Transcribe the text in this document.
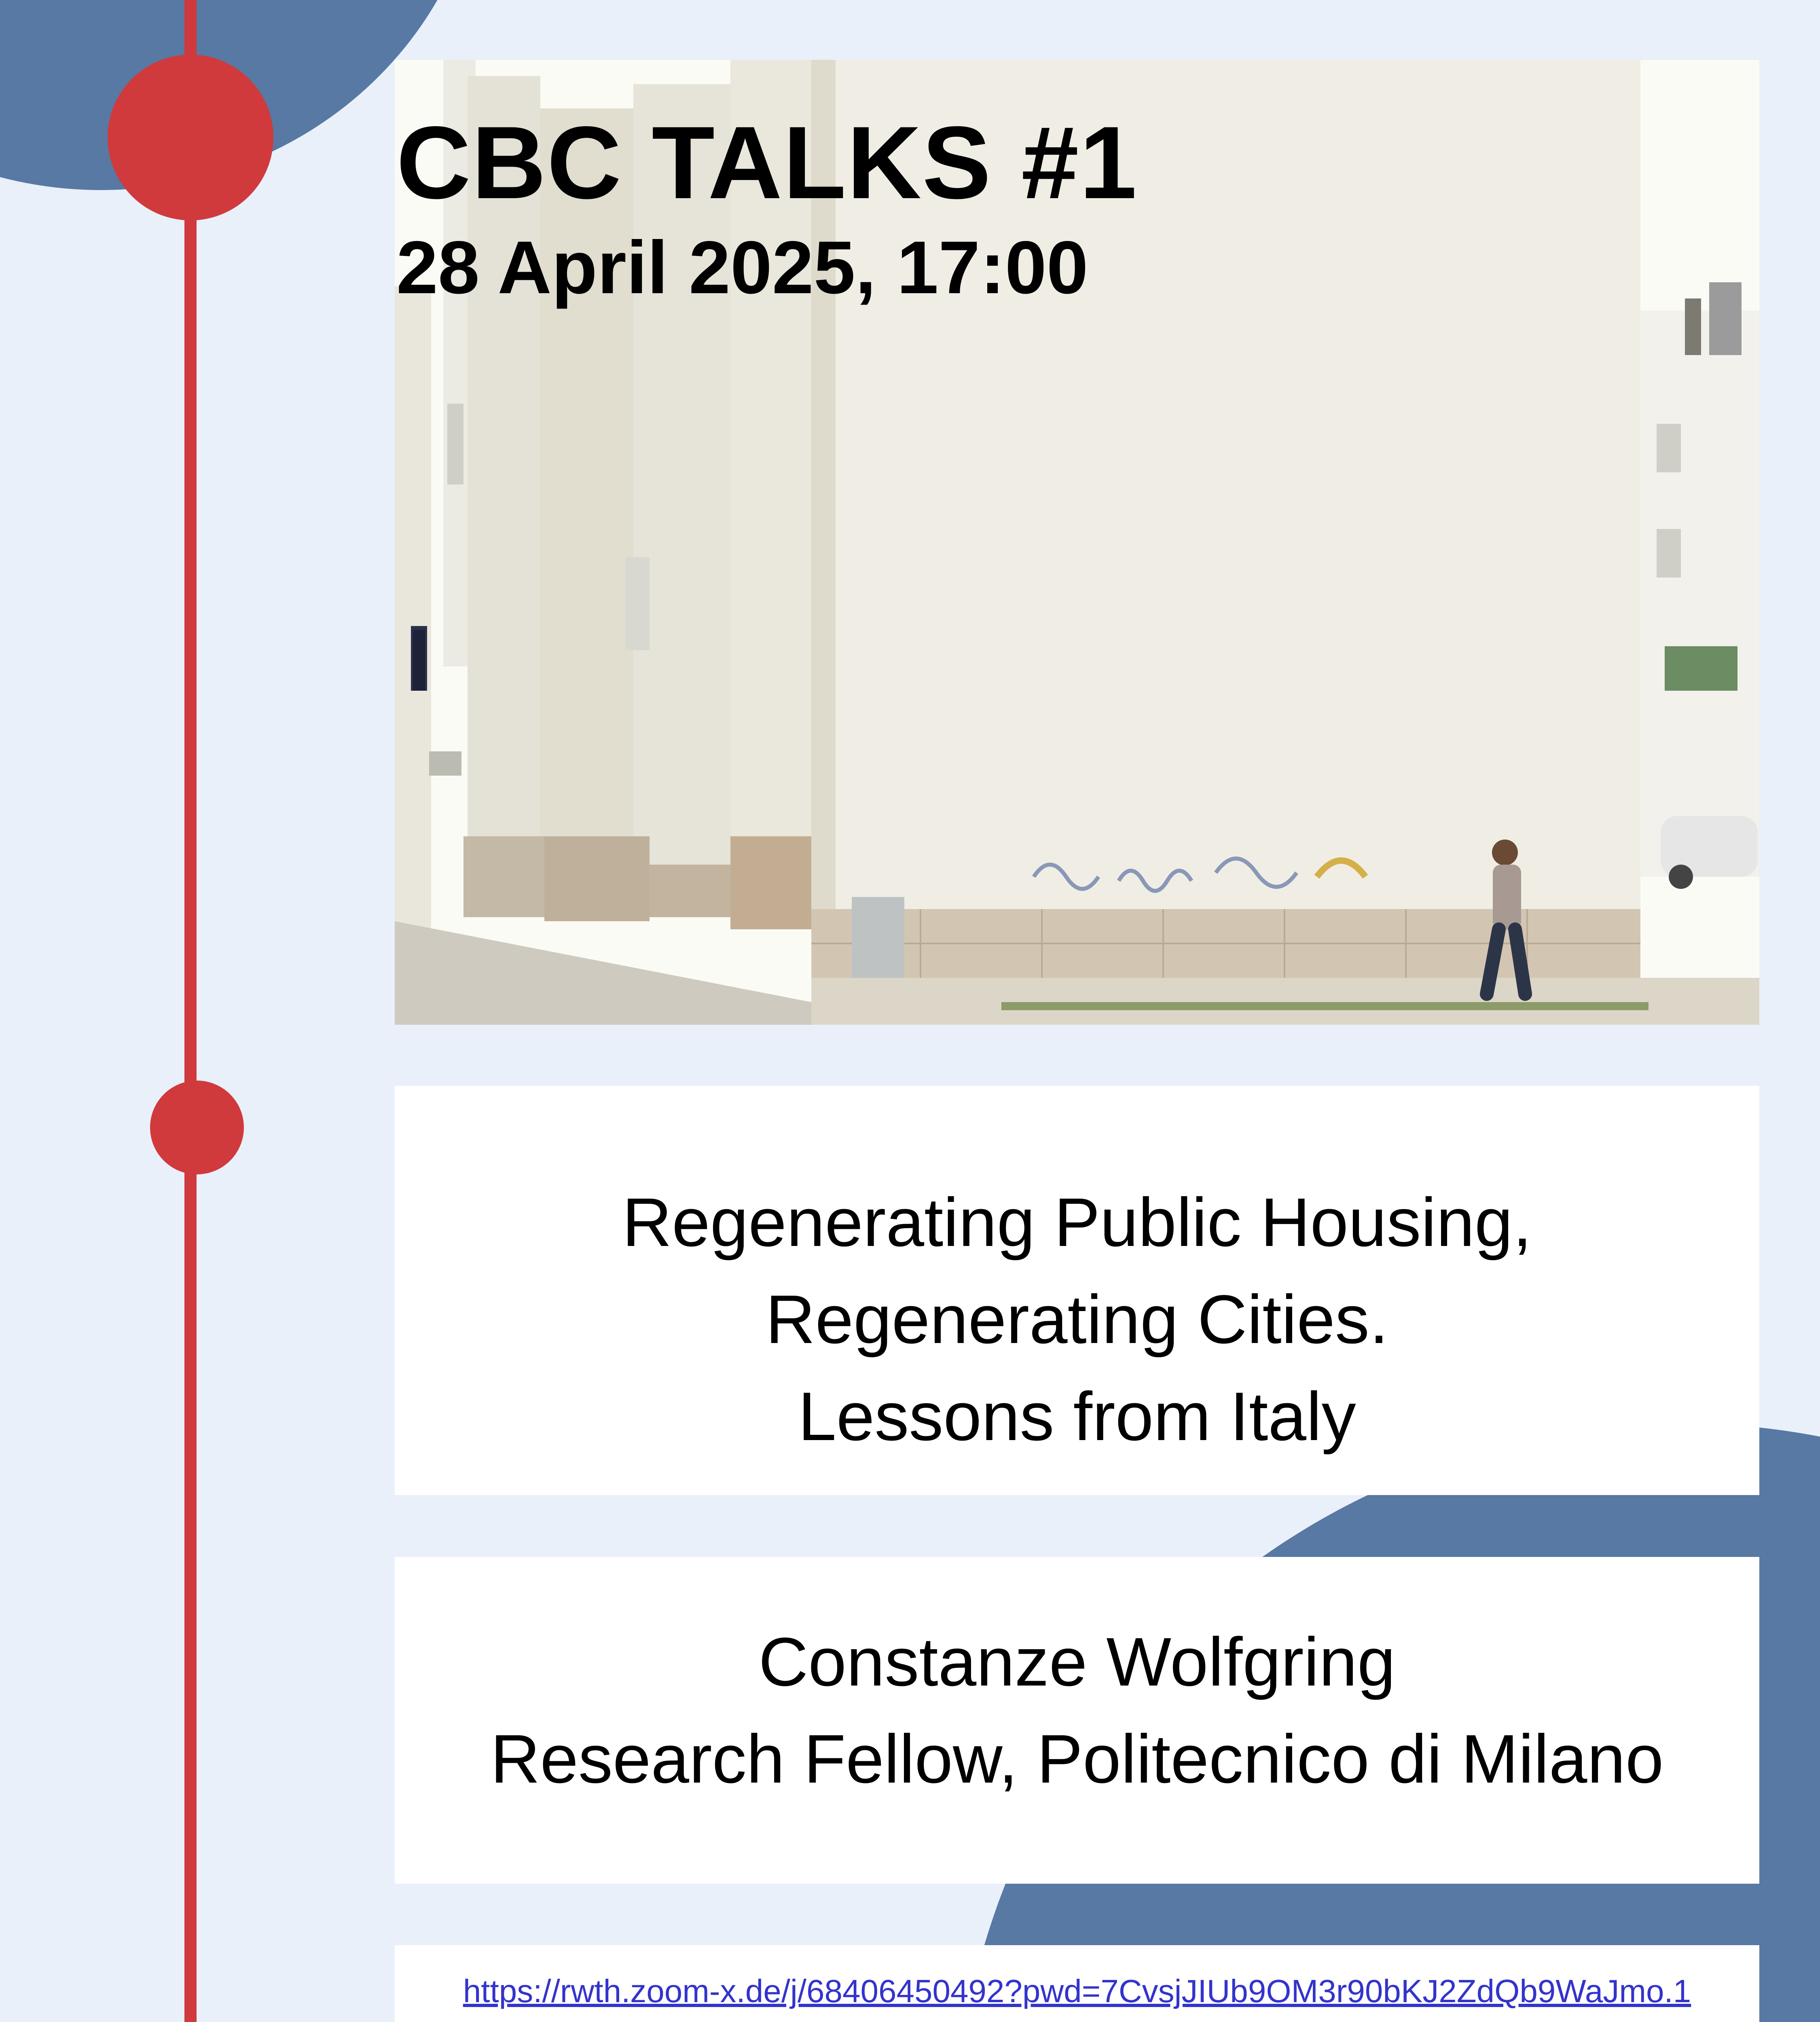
CBC TALKS #1
28 April 2025, 17:00
Regenerating Public Housing,
Regenerating Cities.
Lessons from Italy
Constanze Wolfgring
Research Fellow, Politecnico di Milano
https://rwth.zoom-x.de/j/68406450492?pwd=7CvsjJIUb9OM3r90bKJ2ZdQb9WaJmo.1
